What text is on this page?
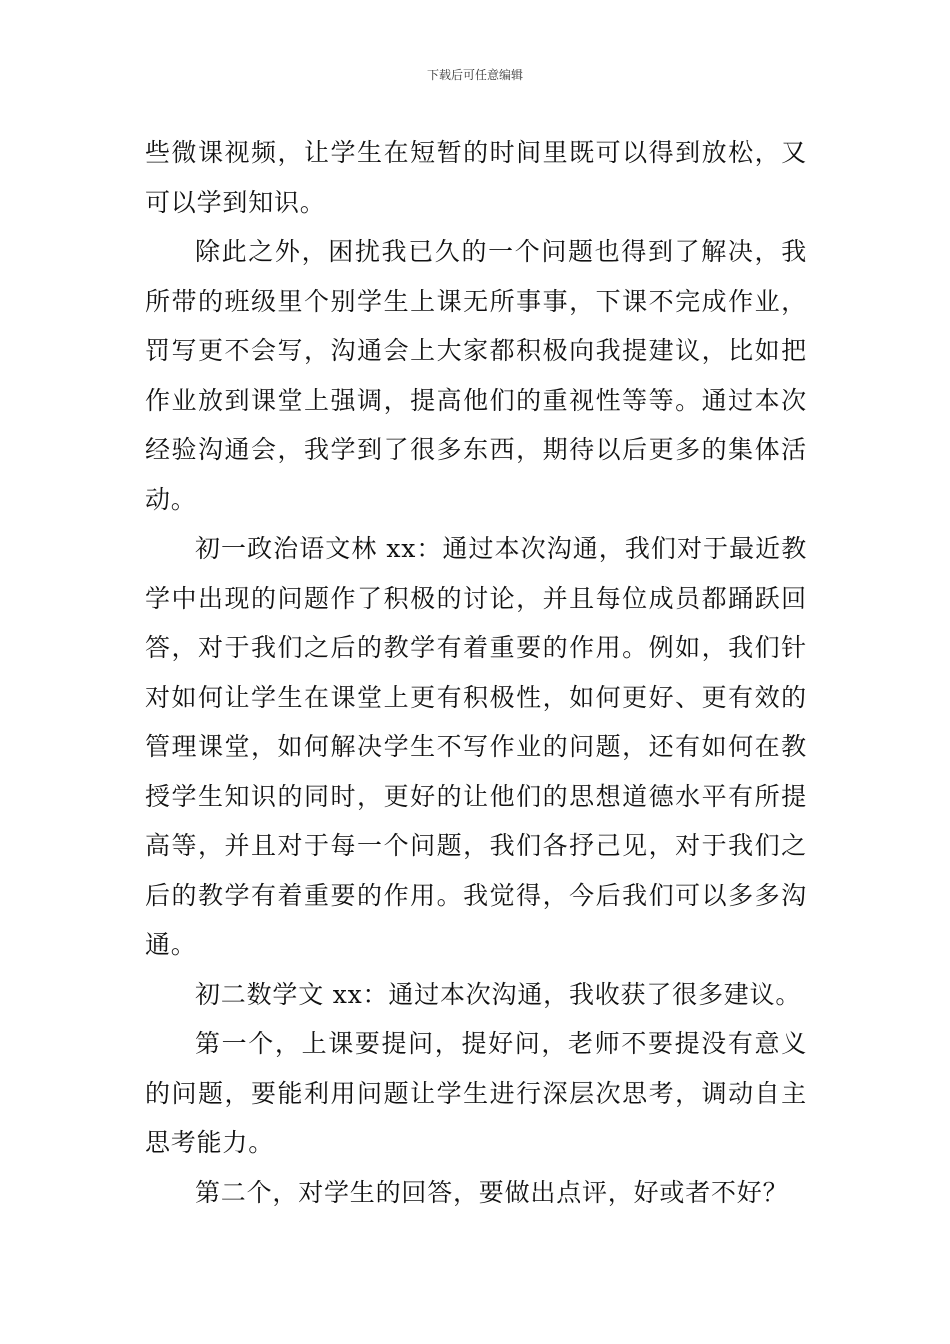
下载后可任意编辑

些微课视频，让学生在短暂的时间里既可以得到放松，又可以学到知识。

除此之外，困扰我已久的一个问题也得到了解决，我所带的班级里个别学生上课无所事事，下课不完成作业，罚写更不会写，沟通会上大家都积极向我提建议，比如把作业放到课堂上强调，提高他们的重视性等等。通过本次经验沟通会，我学到了很多东西，期待以后更多的集体活动。

初一政治语文林 xx：通过本次沟通，我们对于最近教学中出现的问题作了积极的讨论，并且每位成员都踊跃回答，对于我们之后的教学有着重要的作用。例如，我们针对如何让学生在课堂上更有积极性，如何更好、更有效的管理课堂，如何解决学生不写作业的问题，还有如何在教授学生知识的同时，更好的让他们的思想道德水平有所提高等，并且对于每一个问题，我们各抒己见，对于我们之后的教学有着重要的作用。我觉得，今后我们可以多多沟通。

初二数学文 xx：通过本次沟通，我收获了很多建议。

第一个，上课要提问，提好问，老师不要提没有意义的问题，要能利用问题让学生进行深层次思考，调动自主思考能力。

第二个，对学生的回答，要做出点评，好或者不好？
